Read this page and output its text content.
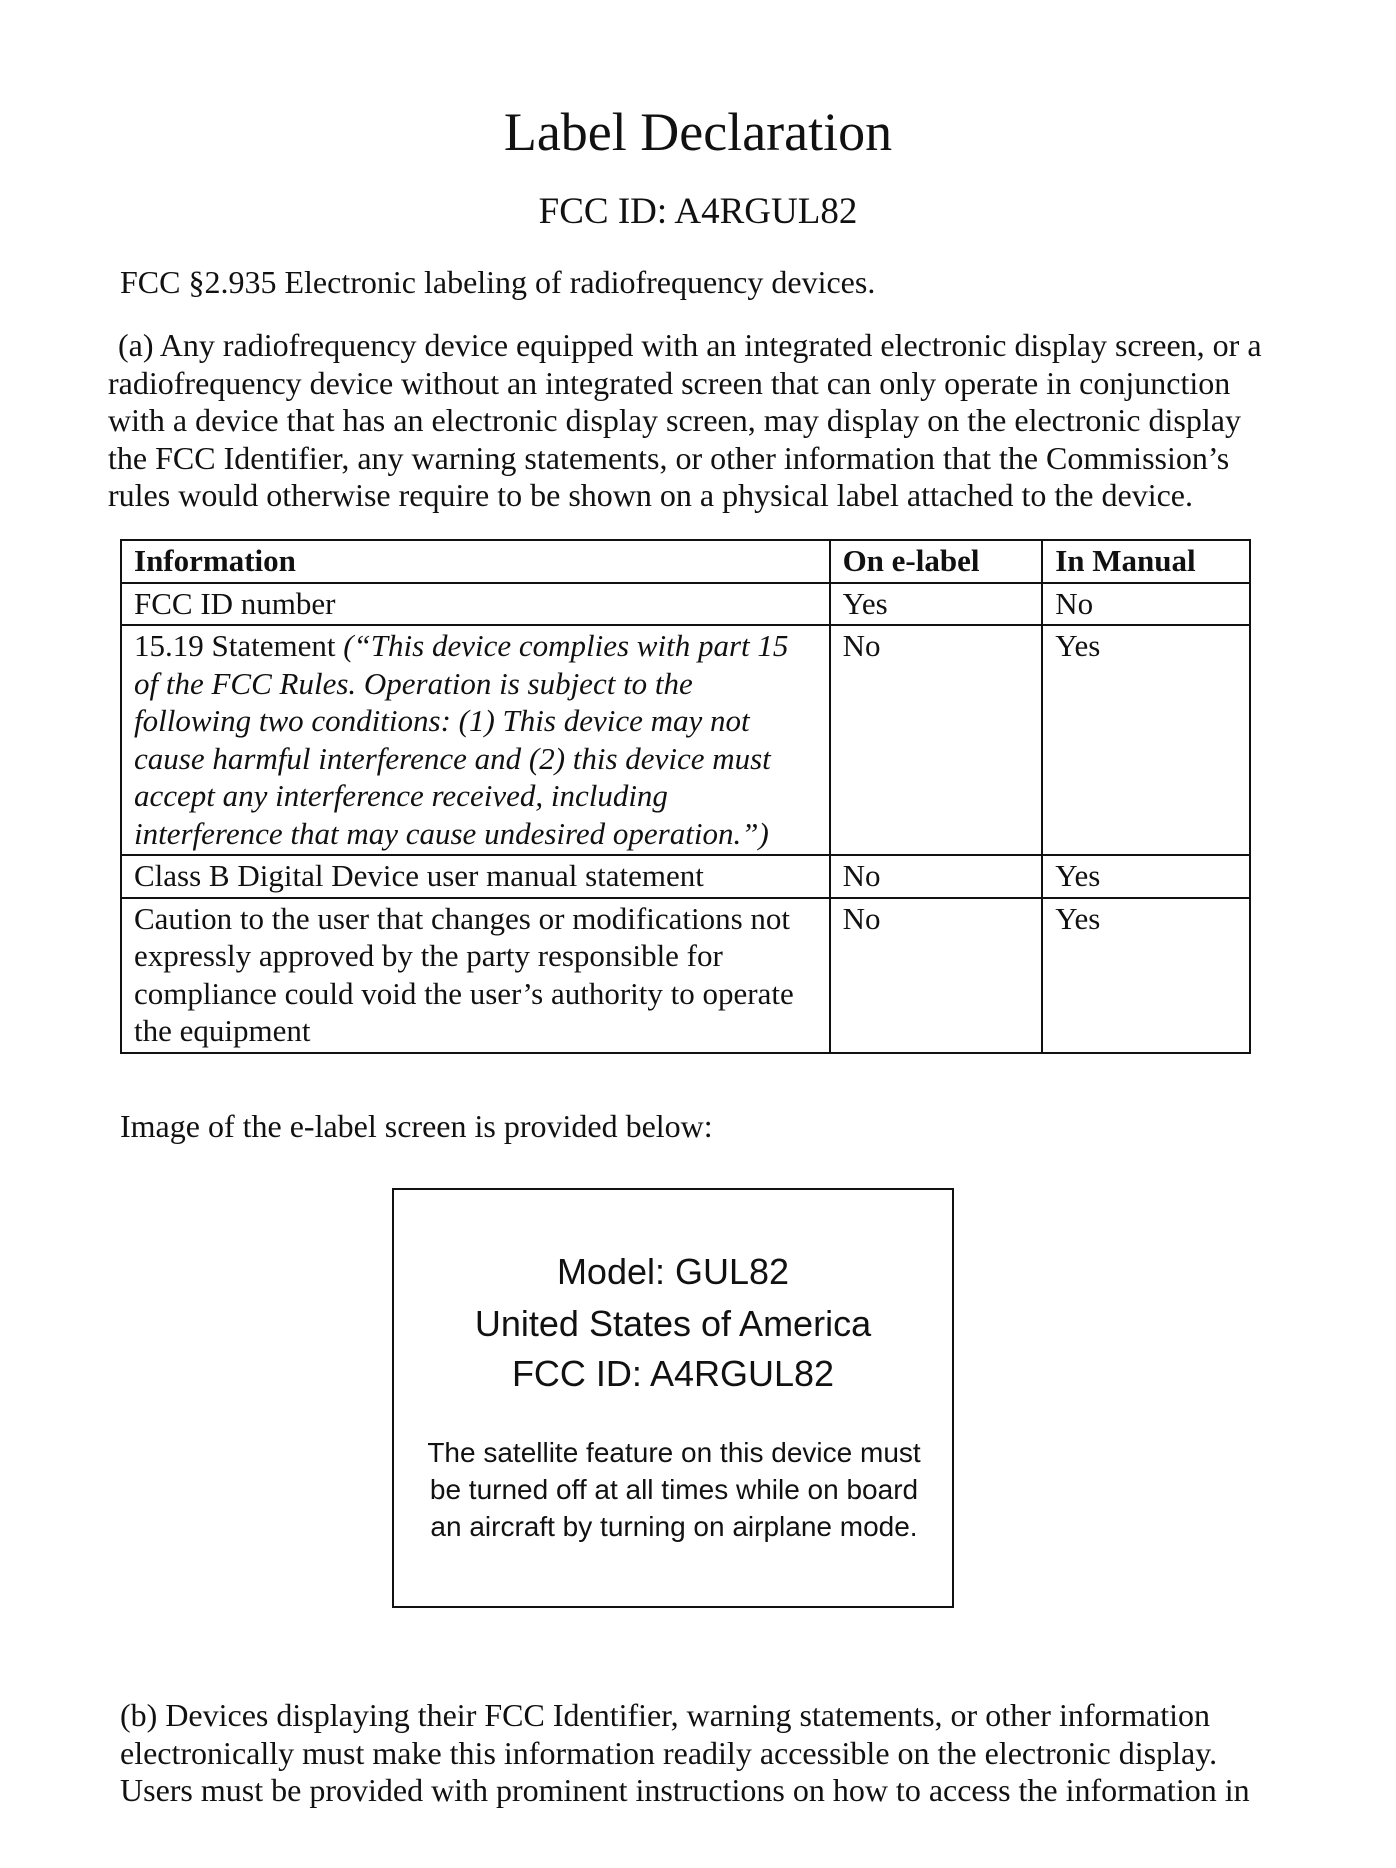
Label Declaration
FCC ID: A4RGUL82
FCC §2.935 Electronic labeling of radiofrequency devices.
(a) Any radiofrequency device equipped with an integrated electronic display screen, or a radiofrequency device without an integrated screen that can only operate in conjunction with a device that has an electronic display screen, may display on the electronic display the FCC Identifier, any warning statements, or other information that the Commission’s rules would otherwise require to be shown on a physical label attached to the device.
Information	On e-label	In Manual
FCC ID number	Yes	No
15.19 Statement (“This device complies with part 15 of the FCC Rules. Operation is subject to the following two conditions: (1) This device may not cause harmful interference and (2) this device must accept any interference received, including interference that may cause undesired operation.”)	No	Yes
Class B Digital Device user manual statement	No	Yes
Caution to the user that changes or modifications not expressly approved by the party responsible for compliance could void the user’s authority to operate the equipment	No	Yes
Image of the e-label screen is provided below:
Model: GUL82
United States of America
FCC ID: A4RGUL82
The satellite feature on this device must be turned off at all times while on board an aircraft by turning on airplane mode.
(b) Devices displaying their FCC Identifier, warning statements, or other information electronically must make this information readily accessible on the electronic display. Users must be provided with prominent instructions on how to access the information in
